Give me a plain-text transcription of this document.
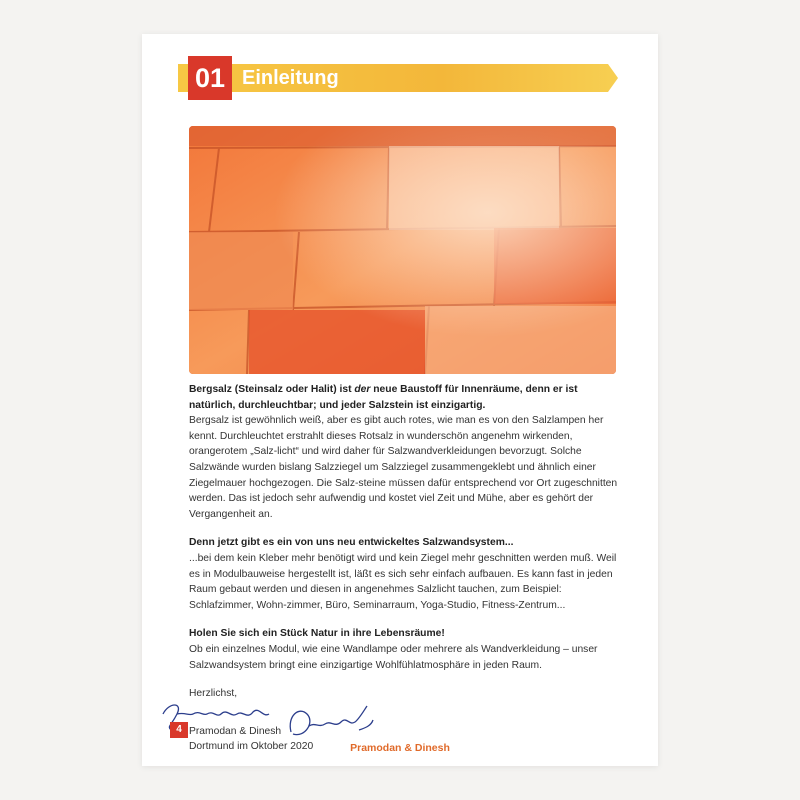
01 Einleitung

Bergsalz (Steinsalz oder Halit) ist der neue Baustoff für Innenräume, denn er ist natürlich, durchleuchtbar; und jeder Salzstein ist einzigartig.

Bergsalz ist gewöhnlich weiß, aber es gibt auch rotes, wie man es von den Salzlampen her kennt. Durchleuchtet erstrahlt dieses Rotsalz in wunderschön angenehm wirkenden, orangerotem „Salz-licht“ und wird daher für Salzwandverkleidungen bevorzugt. Solche Salzwände wurden bislang Salzziegel um Salzziegel zusammengeklebt und ähnlich einer Ziegelmauer hochgezogen. Die Salz-steine müssen dafür entsprechend vor Ort zugeschnitten werden. Das ist jedoch sehr aufwendig und kostet viel Zeit und Mühe, aber es gehört der Vergangenheit an.

Denn jetzt gibt es ein von uns neu entwickeltes Salzwandsystem...

...bei dem kein Kleber mehr benötigt wird und kein Ziegel mehr geschnitten werden muß. Weil es in Modulbauweise hergestellt ist, läßt es sich sehr einfach aufbauen. Es kann fast in jeden Raum gebaut werden und diesen in angenehmes Salzlicht tauchen, zum Beispiel: Schlafzimmer, Wohn-zimmer, Büro, Seminarraum, Yoga-Studio, Fitness-Zentrum...

Holen Sie sich ein Stück Natur in ihre Lebensräume!

Ob ein einzelnes Modul, wie eine Wandlampe oder mehrere als Wandverkleidung – unser Salzwandsystem bringt eine einzigartige Wohlfühlatmosphäre in jeden Raum.

Herzlichst,

Pramodan & Dinesh

Dortmund im Oktober 2020

4
Pramodan & Dinesh
